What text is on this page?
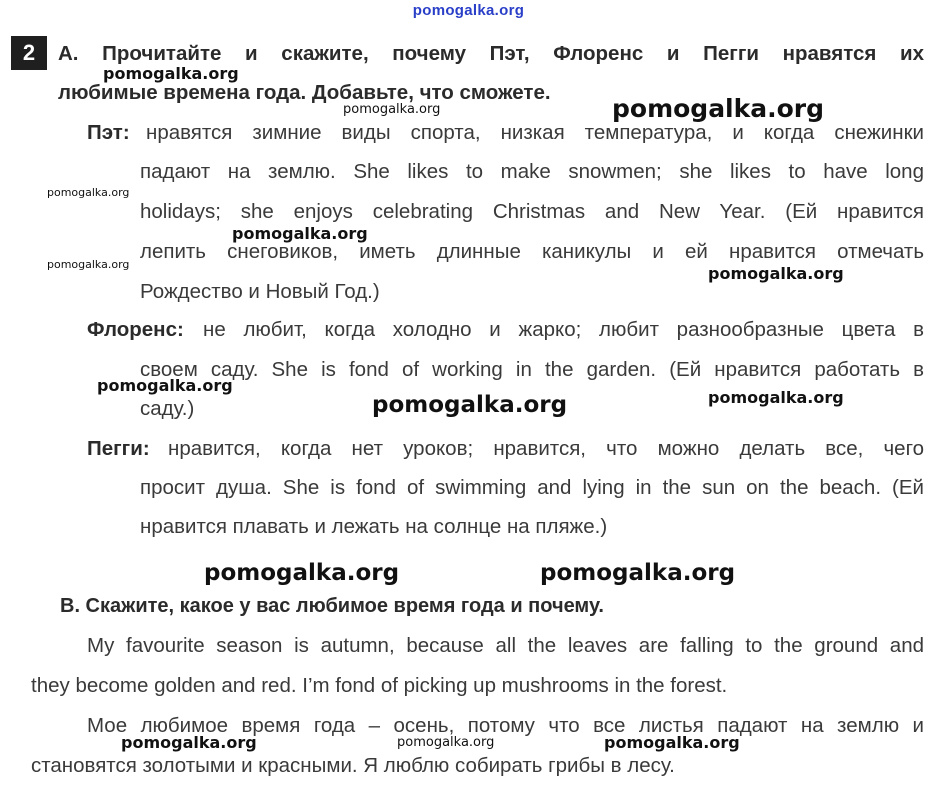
pomogalka.org
2	A. Прочитайте и скажите, почему Пэт, Флоренс и Пегги нравятся их
любимые времена года. Добавьте, что сможете.
Пэт: нравятся зимние виды спорта, низкая температура, и когда снежинки
падают на землю. She likes to make snowmen; she likes to have long
holidays; she enjoys celebrating Christmas and New Year. (Ей нравится
лепить снеговиков, иметь длинные каникулы и ей нравится отмечать
Рождество и Новый Год.)
Флоренс: не любит, когда холодно и жарко; любит разнообразные цвета в
своем саду. She is fond of working in the garden. (Ей нравится работать в
саду.)
Пегги: нравится, когда нет уроков; нравится, что можно делать все, чего
просит душа. She is fond of swimming and lying in the sun on the beach. (Ей
нравится плавать и лежать на солнце на пляже.)
B. Скажите, какое у вас любимое время года и почему.
My favourite season is autumn, because all the leaves are falling to the ground and
they become golden and red. I’m fond of picking up mushrooms in the forest.
Мое любимое время года – осень, потому что все листья падают на землю и
становятся золотыми и красными. Я люблю собирать грибы в лесу.
pomogalka.org
pomogalka.org	pomogalka.org
pomogalka.org
pomogalka.org
pomogalka.org	pomogalka.org
pomogalka.org
pomogalka.org	pomogalka.org
pomogalka.org	pomogalka.org
pomogalka.org	pomogalka.org	pomogalka.org
